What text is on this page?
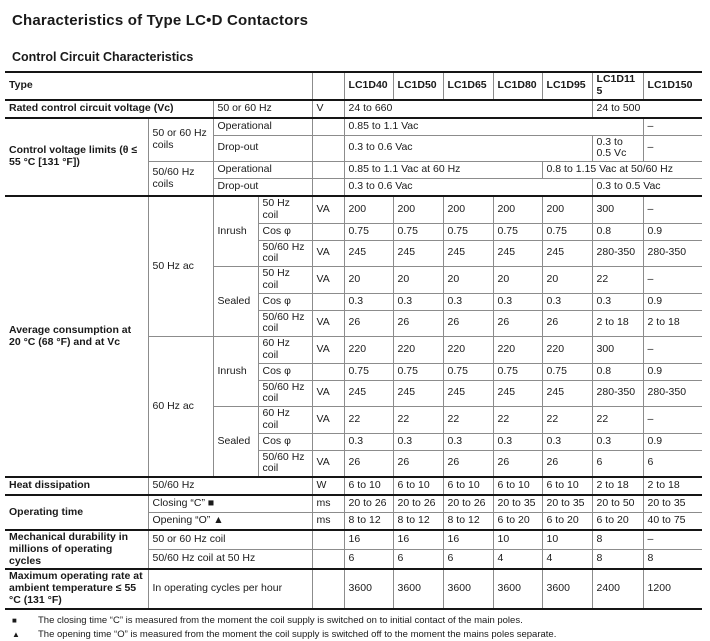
Characteristics of Type LC•D Contactors
Control Circuit Characteristics
Type					LC1D40	LC1D50	LC1D65	LC1D80	LC1D95	LC1D115	LC1D150
Rated control circuit voltage (Vc)		50 or 60 Hz		V	24 to 660					24 to 500	
Control voltage limits (θ ≤ 55 °C [131 °F])	50 or 60 Hz coils	Operational			0.85 to 1.1 Vac						–
		Drop-out			0.3 to 0.6 Vac					0.3 to 0.5 Vc	–
	50/60 Hz coils	Operational			0.85 to 1.1 Vac at 60 Hz				0.8 to 1.15 Vac at 50/60 Hz		
		Drop-out			0.3 to 0.6 Vac					0.3 to 0.5 Vac	
Average consumption at 20 °C (68 °F) and at Vc	50 Hz ac	Inrush	50 Hz coil	VA	200	200	200	200	200	300	–
			Cos φ		0.75	0.75	0.75	0.75	0.75	0.8	0.9
			50/60 Hz coil	VA	245	245	245	245	245	280-350	280-350
		Sealed	50 Hz coil	VA	20	20	20	20	20	22	–
			Cos φ		0.3	0.3	0.3	0.3	0.3	0.3	0.9
			50/60 Hz coil	VA	26	26	26	26	26	2 to 18	2 to 18
	60 Hz ac	Inrush	60 Hz coil	VA	220	220	220	220	220	300	–
			Cos φ		0.75	0.75	0.75	0.75	0.75	0.8	0.9
			50/60 Hz coil	VA	245	245	245	245	245	280-350	280-350
		Sealed	60 Hz coil	VA	22	22	22	22	22	22	–
			Cos φ		0.3	0.3	0.3	0.3	0.3	0.3	0.9
			50/60 Hz coil	VA	26	26	26	26	26	6	6
Heat dissipation	50/60 Hz			W	6 to 10	6 to 10	6 to 10	6 to 10	6 to 10	2 to 18	2 to 18
Operating time	Closing “C” ■			ms	20 to 26	20 to 26	20 to 26	20 to 35	20 to 35	20 to 50	20 to 35
	Opening “O” ▲			ms	8 to 12	8 to 12	8 to 12	6 to 20	6 to 20	6 to 20	40 to 75
Mechanical durability in millions of operating cycles	50 or 60 Hz coil				16	16	16	10	10	8	–
	50/60 Hz coil at 50 Hz				6	6	6	4	4	8	8
Maximum operating rate at ambient temperature ≤ 55 °C (131 °F)	In operating cycles per hour				3600	3600	3600	3600	3600	2400	1200
■	The closing time “C” is measured from the moment the coil supply is switched on to initial contact of the main poles.
▲	The opening time “O” is measured from the moment the coil supply is switched off to the moment the mains poles separate.
